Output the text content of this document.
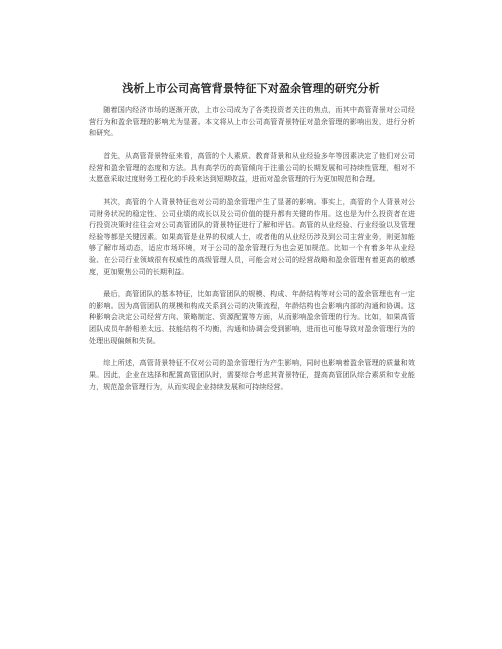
浅析上市公司高管背景特征下对盈余管理的研究分析

随着国内经济市场的逐渐开放，上市公司成为了各类投资者关注的焦点，而其中高管背景对公司经营行为和盈余管理的影响尤为显著。本文将从上市公司高管背景特征对盈余管理的影响出发，进行分析和研究。

首先，从高管背景特征来看，高管的个人素质、教育背景和从业经验多年等因素决定了他们对公司经营和盈余管理的态度和方法。具有高学历的高管倾向于注重公司的长期发展和可持续性管理，相对不太愿意采取过度财务工程化的手段来达到短期收益，进而对盈余管理的行为更加规范和合理。

其次，高管的个人背景特征也对公司的盈余管理产生了显著的影响。事实上，高管的个人背景对公司财务状况的稳定性、公司业绩的成长以及公司价值的提升都有关键的作用。这也是为什么投资者在进行投资决策时往往会对公司高管团队的背景特征进行了解和评估。高管的从业经验、行业经验以及管理经验等都是关键因素。如果高管是业界的权威人士，或者他的从业经历涉及到公司主营业务，则更加能够了解市场动态，适应市场环境，对于公司的盈余管理行为也会更加规范。比如一个有着多年从业经验、在公司行业领域很有权威性的高级管理人员，可能会对公司的经营战略和盈余管理有着更高的敏感度，更加聚焦公司的长期利益。

最后，高管团队的基本特征，比如高管团队的规模、构成、年龄结构等对公司的盈余管理也有一定的影响。因为高管团队的规模和构成关系到公司的决策流程，年龄结构也会影响内部的沟通和协调。这种影响会决定公司经营方向、策略制定、资源配置等方面，从而影响盈余管理的行为。比如，如果高管团队成员年龄相差太远、技能结构不均衡，沟通和协调会受到影响，进而也可能导致对盈余管理行为的处理出现偏颇和失误。

综上所述，高管背景特征不仅对公司的盈余管理行为产生影响，同时也影响着盈余管理的质量和效果。因此，企业在选择和配置高管团队时，需要综合考虑其背景特征，提高高管团队综合素质和专业能力，规范盈余管理行为，从而实现企业持续发展和可持续经营。
